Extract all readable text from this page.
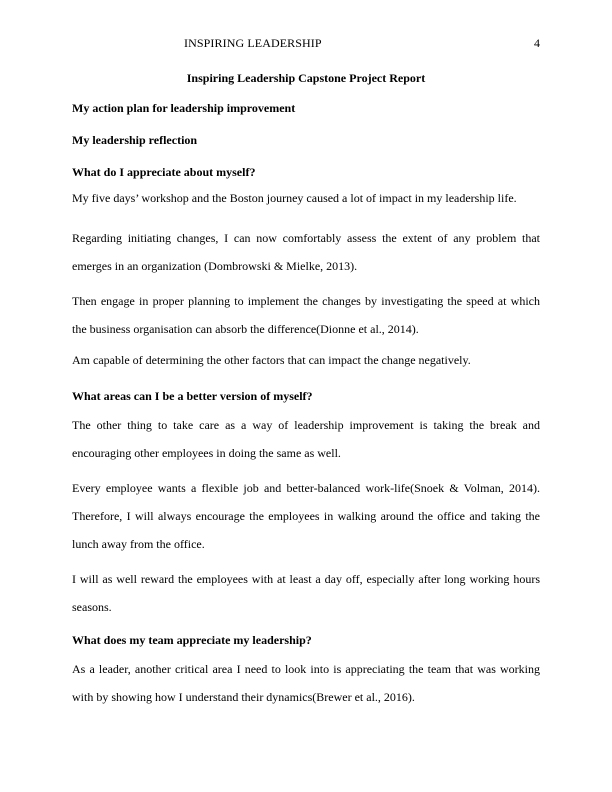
INSPIRING LEADERSHIP	4
Inspiring Leadership Capstone Project Report
My action plan for leadership improvement
My leadership reflection
What do I appreciate about myself?

My five days’ workshop and the Boston journey caused a lot of impact in my leadership life.

Regarding initiating changes, I can now comfortably assess the extent of any problem that emerges in an organization (Dombrowski & Mielke, 2013).

Then engage in proper planning to implement the changes by investigating the speed at which the business organisation can absorb the difference(Dionne et al., 2014).

Am capable of determining the other factors that can impact the change negatively.

What areas can I be a better version of myself?

The other thing to take care as a way of leadership improvement is taking the break and encouraging other employees in doing the same as well.

Every employee wants a flexible job and better-balanced work-life(Snoek & Volman, 2014). Therefore, I will always encourage the employees in walking around the office and taking the lunch away from the office.

I will as well reward the employees with at least a day off, especially after long working hours seasons.

What does my team appreciate my leadership?

As a leader, another critical area I need to look into is appreciating the team that was working with by showing how I understand their dynamics(Brewer et al., 2016).
